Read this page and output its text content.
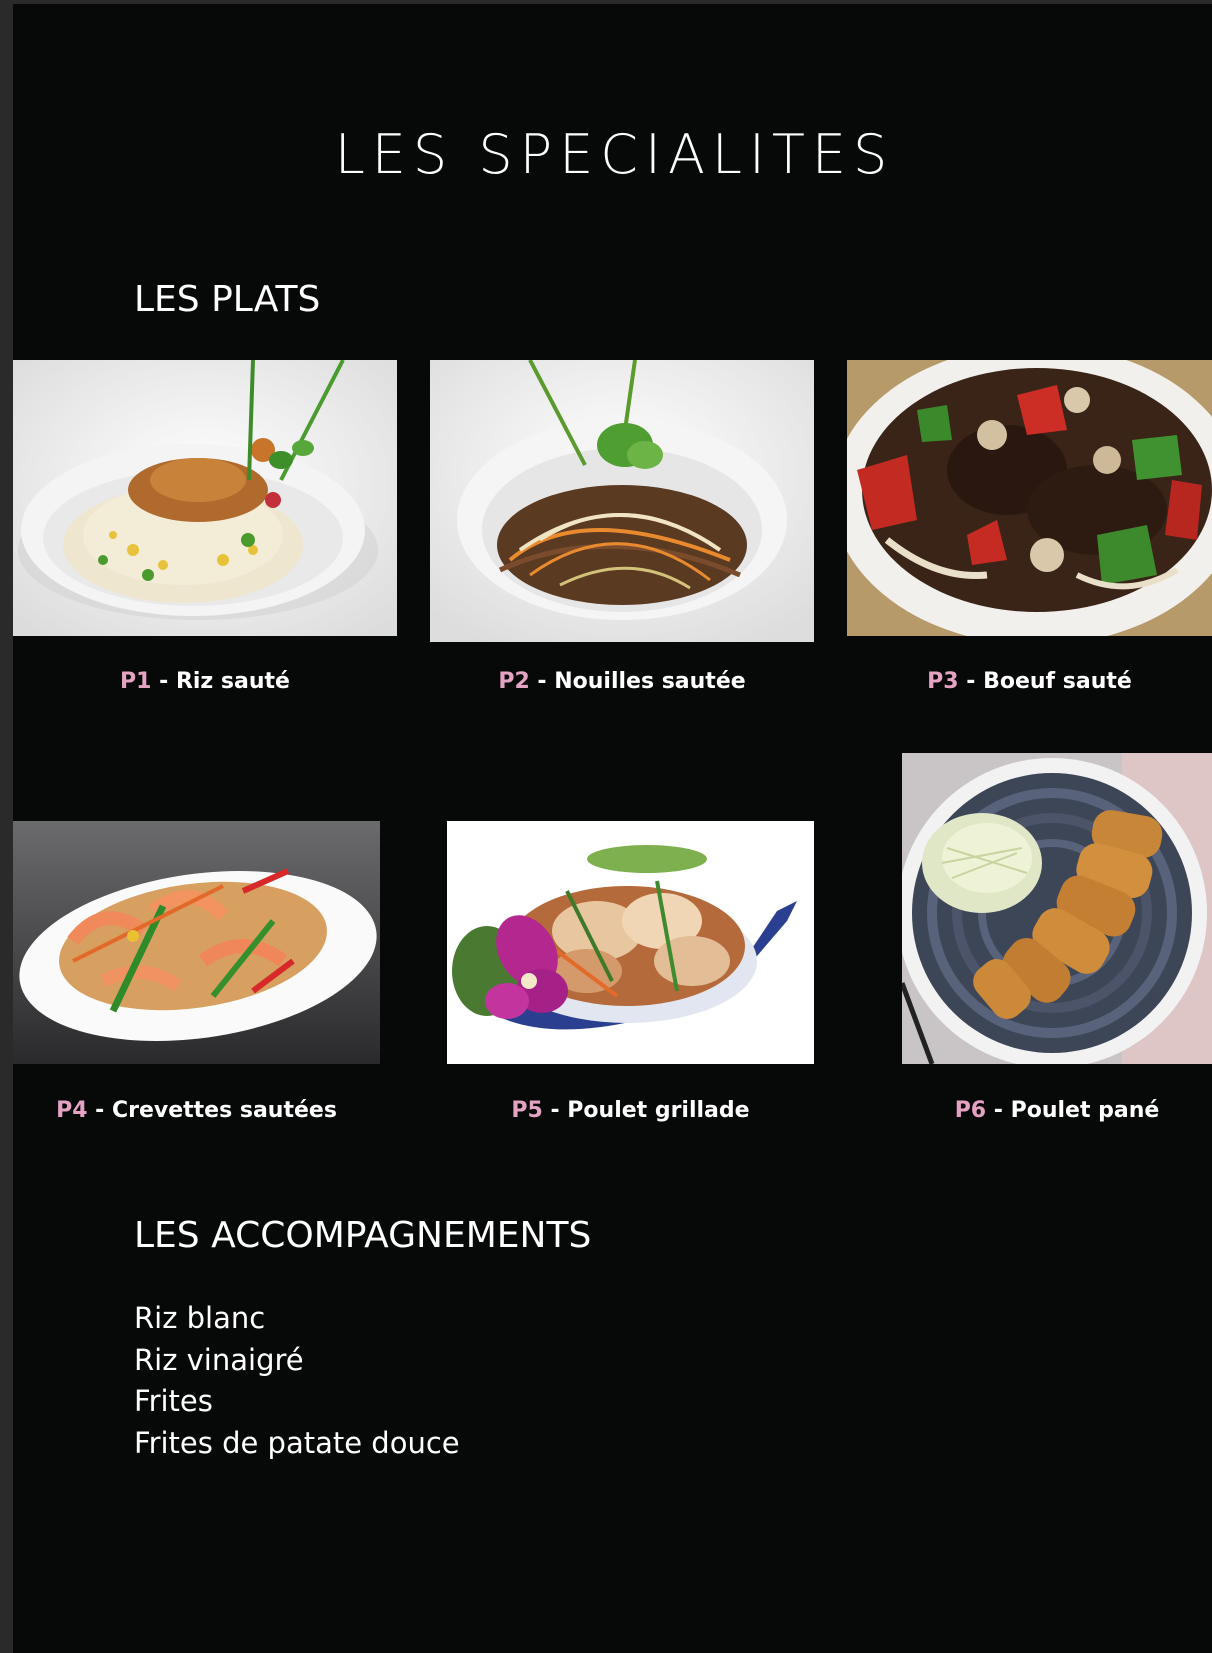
LES SPECIALITES
LES PLATS
P1 - Riz sauté	P2 - Nouilles sautée	P3 - Boeuf sauté
P4 - Crevettes sautées	P5 - Poulet grillade	P6 - Poulet pané
LES ACCOMPAGNEMENTS
Riz blanc
Riz vinaigré
Frites
Frites de patate douce
